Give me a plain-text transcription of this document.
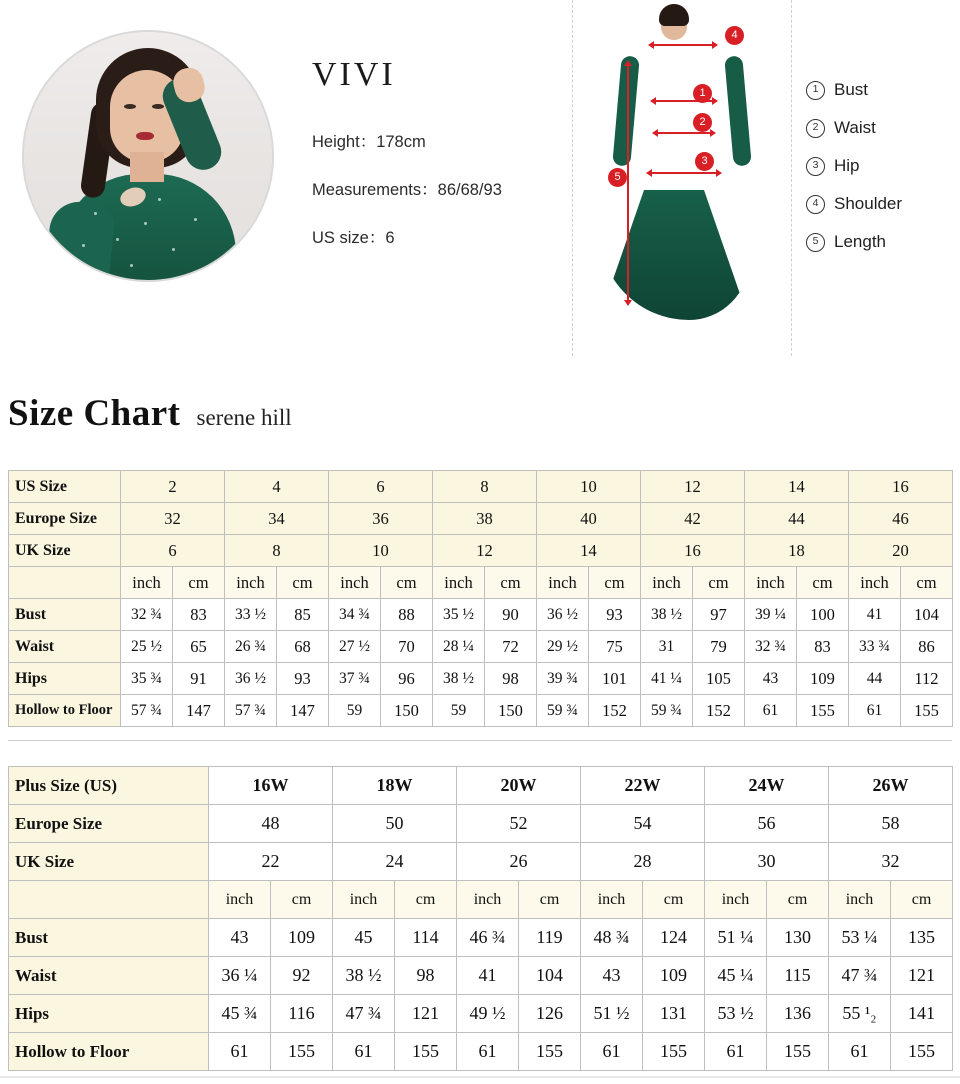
VIVI
Height：178cm
Measurements：86/68/93
US size：6
4
1
2
3
5
1 Bust
2 Waist
3 Hip
4 Shoulder
5 Length
Size Chart serene hill
US Size	2		4		6		8		10		12		14		16	
Europe Size	32		34		36		38		40		42		44		46	
UK Size	6		8		10		12		14		16		18		20	
	inch	cm	inch	cm	inch	cm	inch	cm	inch	cm	inch	cm	inch	cm	inch	cm
Bust	32 ¾	83	33 ½	85	34 ¾	88	35 ½	90	36 ½	93	38 ½	97	39 ¼	100	41	104
Waist	25 ½	65	26 ¾	68	27 ½	70	28 ¼	72	29 ½	75	31	79	32 ¾	83	33 ¾	86
Hips	35 ¾	91	36 ½	93	37 ¾	96	38 ½	98	39 ¾	101	41 ¼	105	43	109	44	112
Hollow to Floor	57 ¾	147	57 ¾	147	59	150	59	150	59 ¾	152	59 ¾	152	61	155	61	155
Plus Size (US)	16W		18W		20W		22W		24W		26W	
Europe Size	48		50		52		54		56		58	
UK Size	22		24		26		28		30		32	
	inch	cm	inch	cm	inch	cm	inch	cm	inch	cm	inch	cm
Bust	43	109	45	114	46 ¾	119	48 ¾	124	51 ¼	130	53 ¼	135
Waist	36 ¼	92	38 ½	98	41	104	43	109	45 ¼	115	47 ¾	121
Hips	45 ¾	116	47 ¾	121	49 ½	126	51 ½	131	53 ½	136	55 ¹₂	141
Hollow to Floor	61	155	61	155	61	155	61	155	61	155	61	155
